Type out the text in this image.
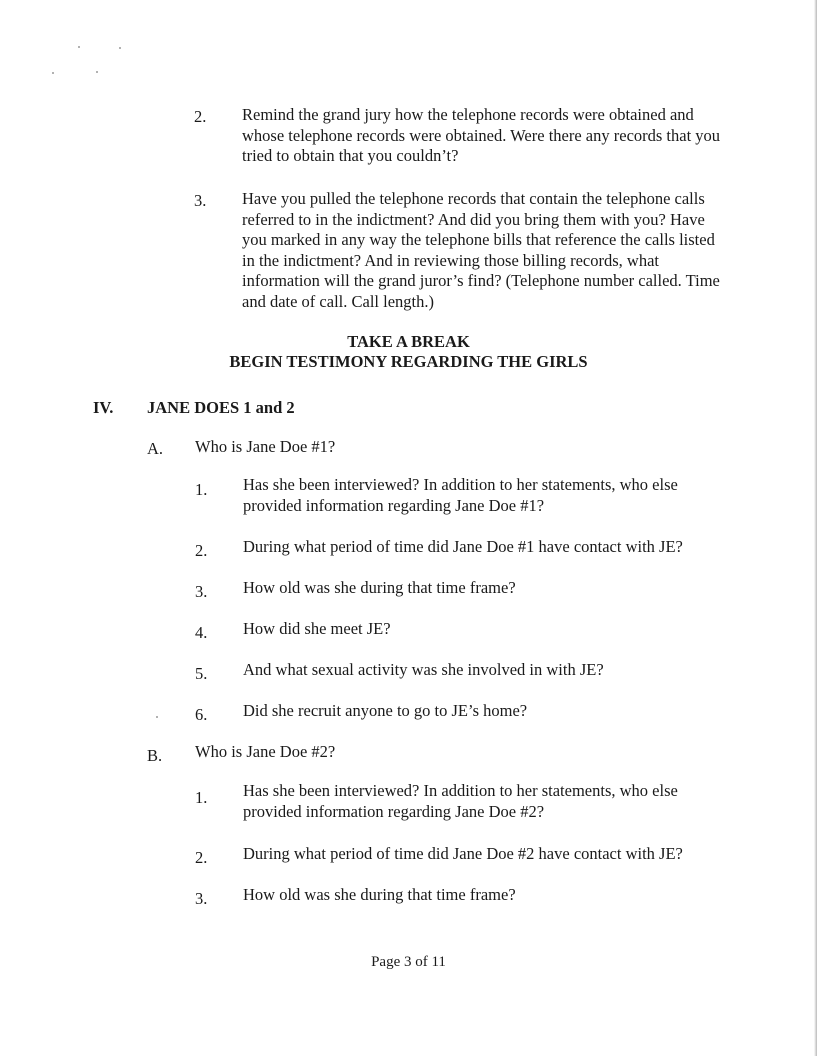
2. Remind the grand jury how the telephone records were obtained and whose telephone records were obtained. Were there any records that you tried to obtain that you couldn’t?
3. Have you pulled the telephone records that contain the telephone calls referred to in the indictment? And did you bring them with you? Have you marked in any way the telephone bills that reference the calls listed in the indictment? And in reviewing those billing records, what information will the grand juror’s find? (Telephone number called. Time and date of call. Call length.)
TAKE A BREAK
BEGIN TESTIMONY REGARDING THE GIRLS
IV. JANE DOES 1 and 2
A. Who is Jane Doe #1?
1. Has she been interviewed? In addition to her statements, who else provided information regarding Jane Doe #1?
2. During what period of time did Jane Doe #1 have contact with JE?
3. How old was she during that time frame?
4. How did she meet JE?
5. And what sexual activity was she involved in with JE?
6. Did she recruit anyone to go to JE’s home?
B. Who is Jane Doe #2?
1. Has she been interviewed? In addition to her statements, who else provided information regarding Jane Doe #2?
2. During what period of time did Jane Doe #2 have contact with JE?
3. How old was she during that time frame?
Page 3 of 11
